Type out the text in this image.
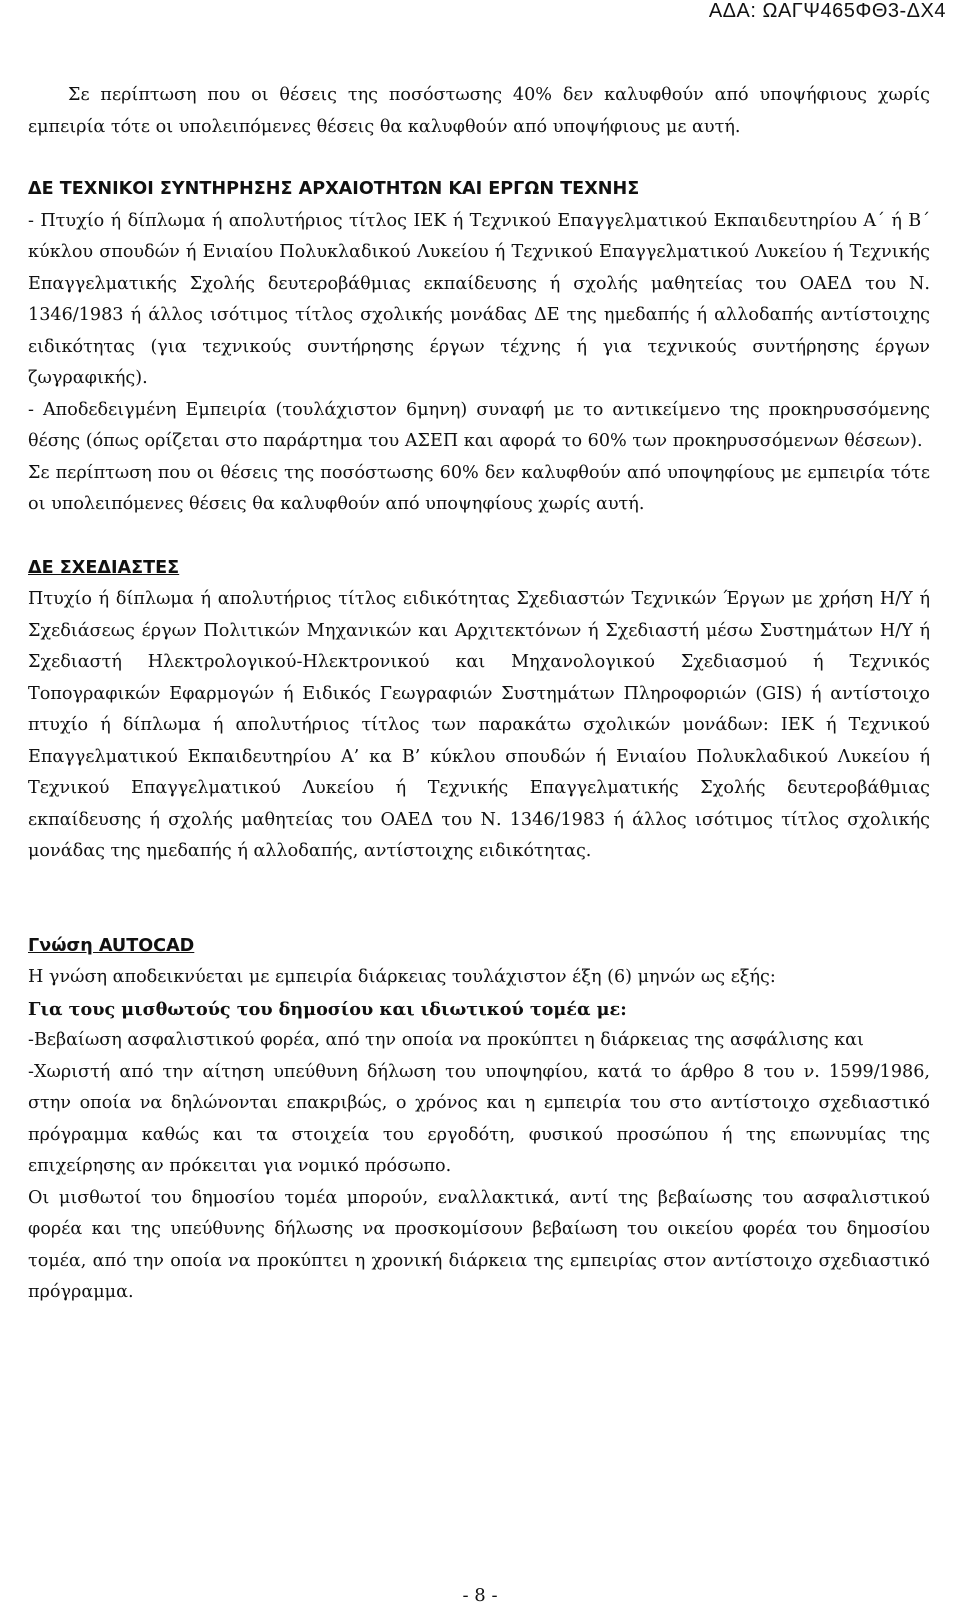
ΑΔΑ: ΩΑΓΨ465ΦΘ3-ΔΧ4

Σε περίπτωση που οι θέσεις της ποσόστωσης 40% δεν καλυφθούν από υποψήφιους χωρίς εμπειρία τότε οι υπολειπόμενες θέσεις θα καλυφθούν από υποψήφιους με αυτή.

ΔΕ ΤΕΧΝΙΚΟΙ ΣΥΝΤΗΡΗΣΗΣ ΑΡΧΑΙΟΤΗΤΩΝ ΚΑΙ ΕΡΓΩΝ ΤΕΧΝΗΣ

- Πτυχίο ή δίπλωμα ή απολυτήριος τίτλος ΙΕΚ ή Τεχνικού Επαγγελματικού Εκπαιδευτηρίου Α΄ ή Β΄ κύκλου σπουδών ή Ενιαίου Πολυκλαδικού Λυκείου ή Τεχνικού Επαγγελματικού Λυκείου ή Τεχνικής Επαγγελματικής Σχολής δευτεροβάθμιας εκπαίδευσης ή σχολής μαθητείας του ΟΑΕΔ του Ν. 1346/1983 ή άλλος ισότιμος τίτλος σχολικής μονάδας ΔΕ της ημεδαπής ή αλλοδαπής αντίστοιχης ειδικότητας (για τεχνικούς συντήρησης έργων τέχνης ή για τεχνικούς συντήρησης έργων ζωγραφικής).

- Αποδεδειγμένη Εμπειρία (τουλάχιστον 6μηνη) συναφή με το αντικείμενο της προκηρυσσόμενης θέσης (όπως ορίζεται στο παράρτημα του ΑΣΕΠ και αφορά το 60% των προκηρυσσόμενων θέσεων).

Σε περίπτωση που οι θέσεις της ποσόστωσης 60% δεν καλυφθούν από υποψηφίους με εμπειρία τότε οι υπολειπόμενες θέσεις θα καλυφθούν από υποψηφίους χωρίς αυτή.

ΔΕ ΣΧΕΔΙΑΣΤΕΣ

Πτυχίο ή δίπλωμα ή απολυτήριος τίτλος ειδικότητας Σχεδιαστών Τεχνικών Έργων με χρήση Η/Υ ή Σχεδιάσεως έργων Πολιτικών Μηχανικών και Αρχιτεκτόνων ή Σχεδιαστή μέσω Συστημάτων Η/Υ ή Σχεδιαστή Ηλεκτρολογικού-Ηλεκτρονικού και Μηχανολογικού Σχεδιασμού ή Τεχνικός Τοπογραφικών Εφαρμογών ή Ειδικός Γεωγραφιών Συστημάτων Πληροφοριών (GIS) ή αντίστοιχο πτυχίο ή δίπλωμα ή απολυτήριος τίτλος των παρακάτω σχολικών μονάδων: ΙΕΚ ή Τεχνικού Επαγγελματικού Εκπαιδευτηρίου Α’ κα Β’ κύκλου σπουδών ή Ενιαίου Πολυκλαδικού Λυκείου ή Τεχνικού Επαγγελματικού Λυκείου ή Τεχνικής Επαγγελματικής Σχολής δευτεροβάθμιας εκπαίδευσης ή σχολής μαθητείας του ΟΑΕΔ του Ν. 1346/1983 ή άλλος ισότιμος τίτλος σχολικής μονάδας της ημεδαπής ή αλλοδαπής, αντίστοιχης ειδικότητας.

Γνώση AUTOCAD

Η γνώση αποδεικνύεται με εμπειρία διάρκειας τουλάχιστον έξη (6) μηνών ως εξής:

Για τους μισθωτούς του δημοσίου και ιδιωτικού τομέα με:

-Βεβαίωση ασφαλιστικού φορέα, από την οποία να προκύπτει η διάρκειας της ασφάλισης και

-Χωριστή από την αίτηση υπεύθυνη δήλωση του υποψηφίου, κατά το άρθρο 8 του ν. 1599/1986, στην οποία να δηλώνονται επακριβώς, ο χρόνος και η εμπειρία του στο αντίστοιχο σχεδιαστικό πρόγραμμα καθώς και τα στοιχεία του εργοδότη, φυσικού προσώπου ή της επωνυμίας της επιχείρησης αν πρόκειται για νομικό πρόσωπο.

Οι μισθωτοί του δημοσίου τομέα μπορούν, εναλλακτικά, αντί της βεβαίωσης του ασφαλιστικού φορέα και της υπεύθυνης δήλωσης να προσκομίσουν βεβαίωση του οικείου φορέα του δημοσίου τομέα, από την οποία να προκύπτει η χρονική διάρκεια της εμπειρίας στον αντίστοιχο σχεδιαστικό πρόγραμμα.

- 8 -
